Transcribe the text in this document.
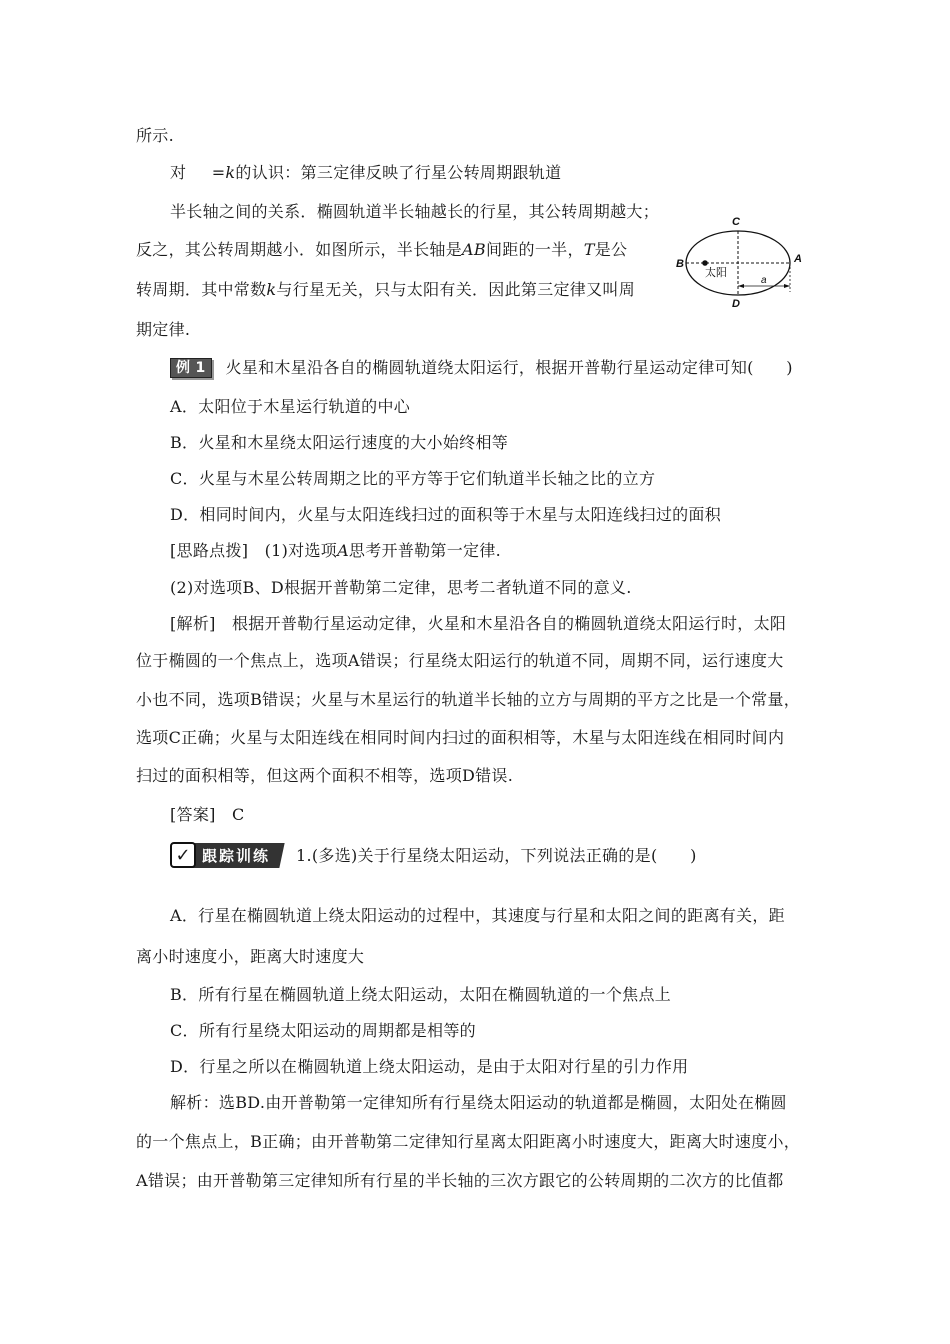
所示.
对 =k的认识：第三定律反映了行星公转周期跟轨道
半长轴之间的关系．椭圆轨道半长轴越长的行星，其公转周期越大；
反之，其公转周期越小．如图所示，半长轴是AB间距的一半，T是公
转周期．其中常数k与行星无关，只与太阳有关．因此第三定律又叫周
期定律.
太阳
C
A
B
D
a
例 1 火星和木星沿各自的椭圆轨道绕太阳运行，根据开普勒行星运动定律可知(　　)
A．太阳位于木星运行轨道的中心
B．火星和木星绕太阳运行速度的大小始终相等
C．火星与木星公转周期之比的平方等于它们轨道半长轴之比的立方
D．相同时间内，火星与太阳连线扫过的面积等于木星与太阳连线扫过的面积
[思路点拨]　(1)对选项A思考开普勒第一定律.
(2)对选项B、D根据开普勒第二定律，思考二者轨道不同的意义.
[解析]　根据开普勒行星运动定律，火星和木星沿各自的椭圆轨道绕太阳运行时，太阳
位于椭圆的一个焦点上，选项A错误；行星绕太阳运行的轨道不同，周期不同，运行速度大
小也不同，选项B错误；火星与木星运行的轨道半长轴的立方与周期的平方之比是一个常量，
选项C正确；火星与太阳连线在相同时间内扫过的面积相等，木星与太阳连线在相同时间内
扫过的面积相等，但这两个面积不相等，选项D错误.
[答案]　C
✓ 跟踪训练	1.(多选)关于行星绕太阳运动，下列说法正确的是(　　)
A．行星在椭圆轨道上绕太阳运动的过程中，其速度与行星和太阳之间的距离有关，距
离小时速度小，距离大时速度大
B．所有行星在椭圆轨道上绕太阳运动，太阳在椭圆轨道的一个焦点上
C．所有行星绕太阳运动的周期都是相等的
D．行星之所以在椭圆轨道上绕太阳运动，是由于太阳对行星的引力作用
解析：选BD.由开普勒第一定律知所有行星绕太阳运动的轨道都是椭圆，太阳处在椭圆
的一个焦点上，B正确；由开普勒第二定律知行星离太阳距离小时速度大，距离大时速度小，
A错误；由开普勒第三定律知所有行星的半长轴的三次方跟它的公转周期的二次方的比值都
